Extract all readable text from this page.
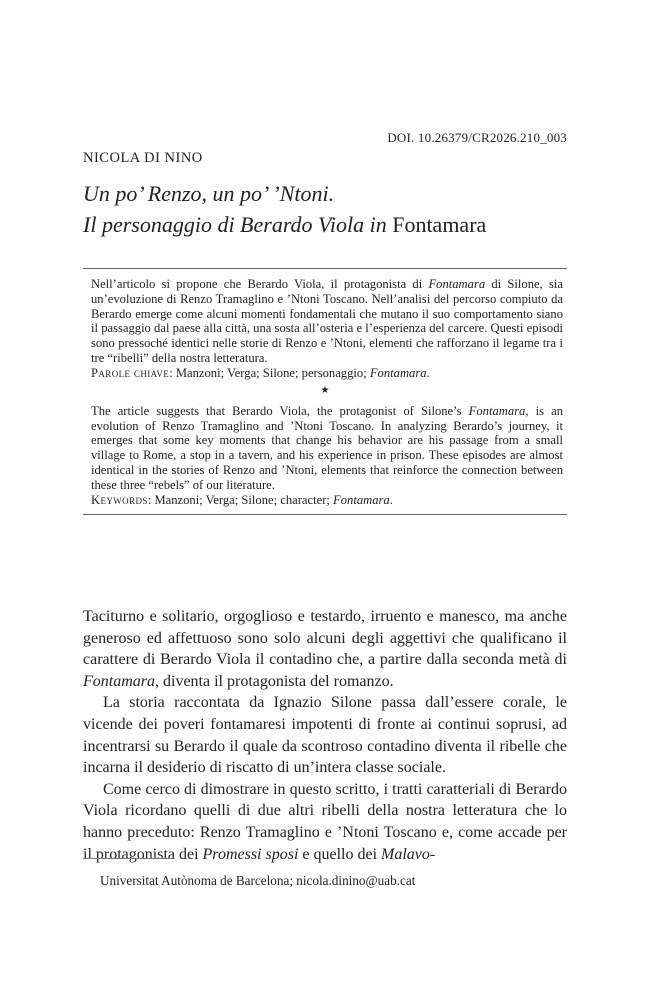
DOI. 10.26379/CR2026.210_003
NICOLA DI NINO
Un po’ Renzo, un po’ ’Ntoni.
Il personaggio di Berardo Viola in Fontamara

Nell’articolo si propone che Berardo Viola, il protagonista di Fontamara di Silone, sia un’evoluzione di Renzo Tramaglino e ’Ntoni Toscano. Nell’analisi del percorso compiuto da Berardo emerge come alcuni momenti fondamentali che mutano il suo comportamento siano il passaggio dal paese alla città, una sosta all’osteria e l’esperienza del carcere. Questi episodi sono pressoché identici nelle storie di Renzo e ’Ntoni, elementi che rafforzano il legame tra i tre “ribelli” della nostra letteratura.

Parole chiave: Manzoni; Verga; Silone; personaggio; Fontamara.
★

The article suggests that Berardo Viola, the protagonist of Silone’s Fontamara, is an evolution of Renzo Tramaglino and ’Ntoni Toscano. In analyzing Berardo’s journey, it emerges that some key moments that change his behavior are his passage from a small village to Rome, a stop in a tavern, and his experience in prison. These episodes are almost identical in the stories of Renzo and ’Ntoni, elements that reinforce the connection between these three “rebels” of our literature.

Keywords: Manzoni; Verga; Silone; character; Fontamara.

Taciturno e solitario, orgoglioso e testardo, irruento e manesco, ma anche generoso ed affettuoso sono solo alcuni degli aggettivi che qualificano il carattere di Berardo Viola il contadino che, a partire dalla seconda metà di Fontamara, diventa il protagonista del romanzo.

La storia raccontata da Ignazio Silone passa dall’essere corale, le vicende dei poveri fontamaresi impotenti di fronte ai continui soprusi, ad incentrarsi su Berardo il quale da scontroso contadino diventa il ribelle che incarna il desiderio di riscatto di un’intera classe sociale.

Come cerco di dimostrare in questo scritto, i tratti caratteriali di Berardo Viola ricordano quelli di due altri ribelli della nostra letteratura che lo hanno preceduto: Renzo Tramaglino e ’Ntoni Toscano e, come accade per il protagonista dei Promessi sposi e quello dei Malavo-

Universitat Autònoma de Barcelona; nicola.dinino@uab.cat
